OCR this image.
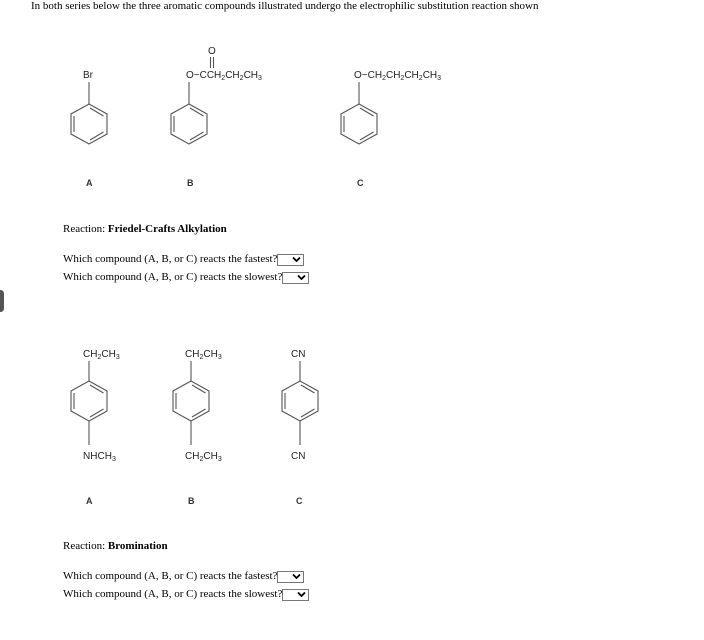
In both series below the three aromatic compounds illustrated undergo the electrophilic substitution reaction shown
Br
A
O
$O-CCH_2CH_2CH_3$
B
$O-CH_2CH_2CH_2CH_3$
C
Reaction: Friedel-Crafts Alkylation
Which compound (A, B, or C) reacts the fastest?
Which compound (A, B, or C) reacts the slowest?
$CH_2CH_3$
$NHCH_3$
A
$CH_2CH_3$
$CH_2CH_3$
B
CN
CN
C
Reaction: Bromination
Which compound (A, B, or C) reacts the fastest?
Which compound (A, B, or C) reacts the slowest?
